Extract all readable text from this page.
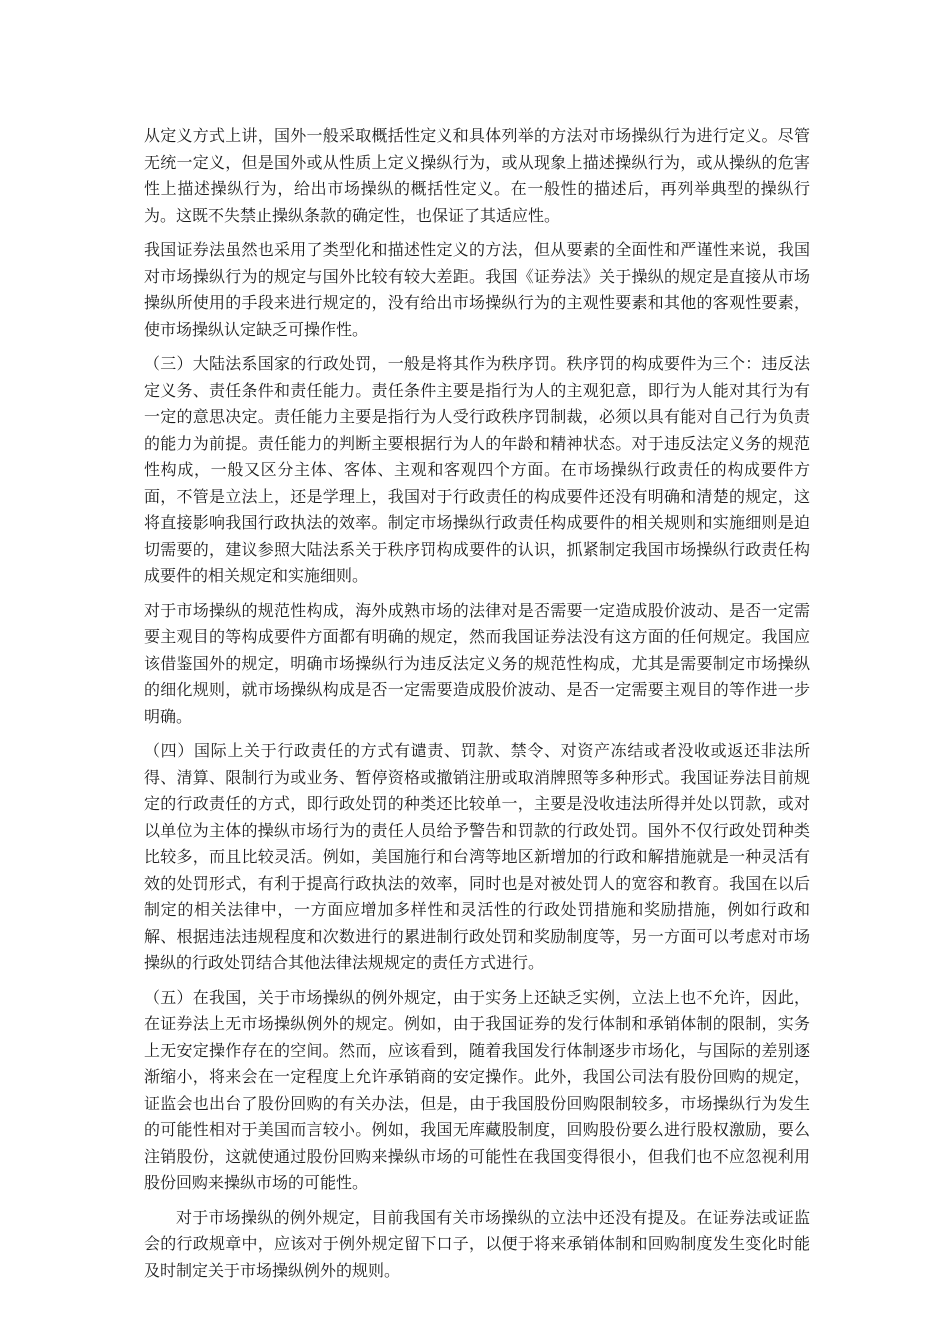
从定义方式上讲，国外一般采取概括性定义和具体列举的方法对市场操纵行为进行定义。尽管无统一定义，但是国外或从性质上定义操纵行为，或从现象上描述操纵行为，或从操纵的危害性上描述操纵行为，给出市场操纵的概括性定义。在一般性的描述后，再列举典型的操纵行为。这既不失禁止操纵条款的确定性，也保证了其适应性。

我国证券法虽然也采用了类型化和描述性定义的方法，但从要素的全面性和严谨性来说，我国对市场操纵行为的规定与国外比较有较大差距。我国《证券法》关于操纵的规定是直接从市场操纵所使用的手段来进行规定的，没有给出市场操纵行为的主观性要素和其他的客观性要素，使市场操纵认定缺乏可操作性。

（三）大陆法系国家的行政处罚，一般是将其作为秩序罚。秩序罚的构成要件为三个：违反法定义务、责任条件和责任能力。责任条件主要是指行为人的主观犯意，即行为人能对其行为有一定的意思决定。责任能力主要是指行为人受行政秩序罚制裁，必须以具有能对自己行为负责的能力为前提。责任能力的判断主要根据行为人的年龄和精神状态。对于违反法定义务的规范性构成，一般又区分主体、客体、主观和客观四个方面。在市场操纵行政责任的构成要件方面，不管是立法上，还是学理上，我国对于行政责任的构成要件还没有明确和清楚的规定，这将直接影响我国行政执法的效率。制定市场操纵行政责任构成要件的相关规则和实施细则是迫切需要的，建议参照大陆法系关于秩序罚构成要件的认识，抓紧制定我国市场操纵行政责任构成要件的相关规定和实施细则。

对于市场操纵的规范性构成，海外成熟市场的法律对是否需要一定造成股价波动、是否一定需要主观目的等构成要件方面都有明确的规定，然而我国证券法没有这方面的任何规定。我国应该借鉴国外的规定，明确市场操纵行为违反法定义务的规范性构成，尤其是需要制定市场操纵的细化规则，就市场操纵构成是否一定需要造成股价波动、是否一定需要主观目的等作进一步明确。

（四）国际上关于行政责任的方式有谴责、罚款、禁令、对资产冻结或者没收或返还非法所得、清算、限制行为或业务、暂停资格或撤销注册或取消牌照等多种形式。我国证券法目前规定的行政责任的方式，即行政处罚的种类还比较单一，主要是没收违法所得并处以罚款，或对以单位为主体的操纵市场行为的责任人员给予警告和罚款的行政处罚。国外不仅行政处罚种类比较多，而且比较灵活。例如，美国施行和台湾等地区新增加的行政和解措施就是一种灵活有效的处罚形式，有利于提高行政执法的效率，同时也是对被处罚人的宽容和教育。我国在以后制定的相关法律中，一方面应增加多样性和灵活性的行政处罚措施和奖励措施，例如行政和解、根据违法违规程度和次数进行的累进制行政处罚和奖励制度等，另一方面可以考虑对市场操纵的行政处罚结合其他法律法规规定的责任方式进行。

（五）在我国，关于市场操纵的例外规定，由于实务上还缺乏实例，立法上也不允许，因此，在证券法上无市场操纵例外的规定。例如，由于我国证券的发行体制和承销体制的限制，实务上无安定操作存在的空间。然而，应该看到，随着我国发行体制逐步市场化，与国际的差别逐渐缩小，将来会在一定程度上允许承销商的安定操作。此外，我国公司法有股份回购的规定，证监会也出台了股份回购的有关办法，但是，由于我国股份回购限制较多，市场操纵行为发生的可能性相对于美国而言较小。例如，我国无库藏股制度，回购股份要么进行股权激励，要么注销股份，这就使通过股份回购来操纵市场的可能性在我国变得很小，但我们也不应忽视利用股份回购来操纵市场的可能性。

对于市场操纵的例外规定，目前我国有关市场操纵的立法中还没有提及。在证券法或证监会的行政规章中，应该对于例外规定留下口子，以便于将来承销体制和回购制度发生变化时能及时制定关于市场操纵例外的规则。
